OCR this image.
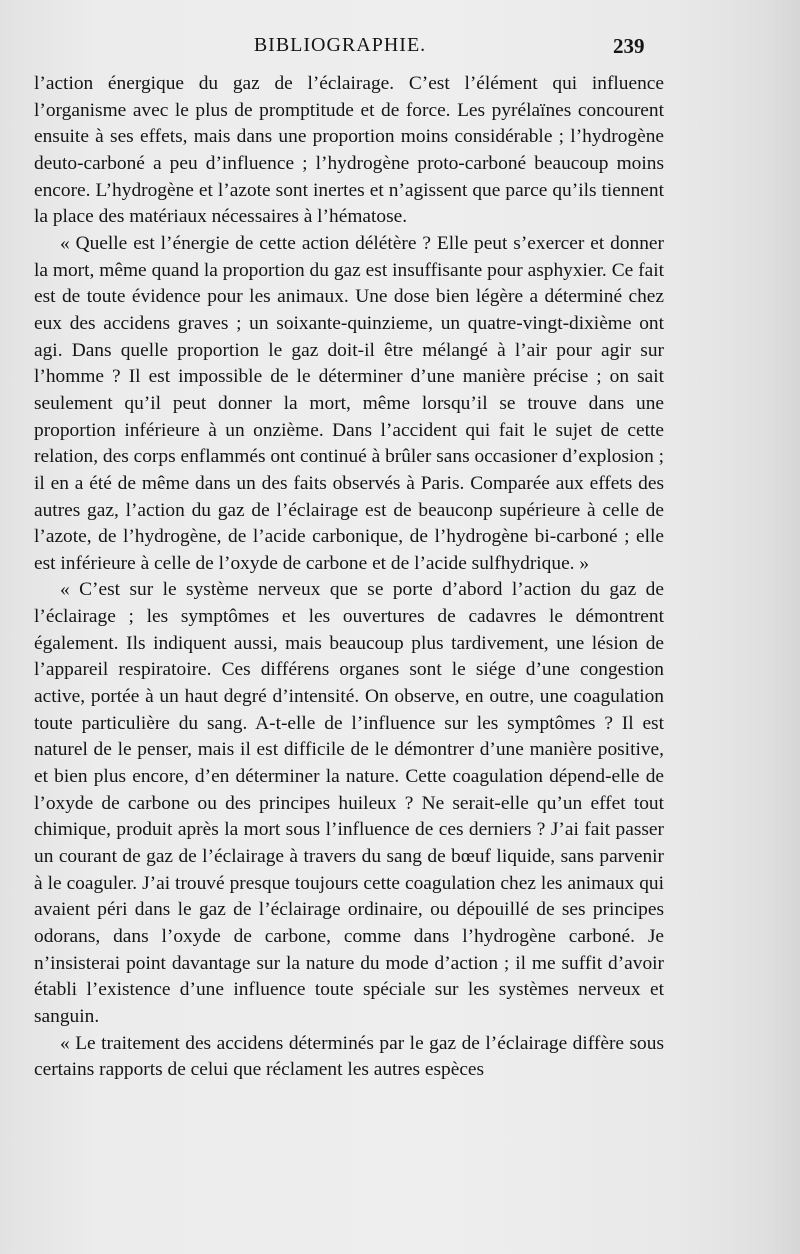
BIBLIOGRAPHIE.	239

l’action énergique du gaz de l’éclairage. C’est l’élément qui influence l’organisme avec le plus de promptitude et de force. Les pyrélaïnes concourent ensuite à ses effets, mais dans une proportion moins considérable ; l’hydrogène deuto-carboné a peu d’influence ; l’hydrogène proto-carboné beaucoup moins encore. L’hydrogène et l’azote sont inertes et n’agissent que parce qu’ils tiennent la place des matériaux nécessaires à l’hématose.

« Quelle est l’énergie de cette action délétère ? Elle peut s’exercer et donner la mort, même quand la proportion du gaz est insuffisante pour asphyxier. Ce fait est de toute évidence pour les animaux. Une dose bien légère a déterminé chez eux des accidens graves ; un soixante-quinzieme, un quatre-vingt-dixième ont agi. Dans quelle proportion le gaz doit-il être mélangé à l’air pour agir sur l’homme ? Il est impossible de le déterminer d’une manière précise ; on sait seulement qu’il peut donner la mort, même lorsqu’il se trouve dans une proportion inférieure à un onzième. Dans l’accident qui fait le sujet de cette relation, des corps enflammés ont continué à brûler sans occasioner d’explosion ; il en a été de même dans un des faits observés à Paris. Comparée aux effets des autres gaz, l’action du gaz de l’éclairage est de beauconp supérieure à celle de l’azote, de l’hydrogène, de l’acide carbonique, de l’hydrogène bi-carboné ; elle est inférieure à celle de l’oxyde de carbone et de l’acide sulfhydrique. »

« C’est sur le système nerveux que se porte d’abord l’action du gaz de l’éclairage ; les symptômes et les ouvertures de cadavres le démontrent également. Ils indiquent aussi, mais beaucoup plus tardivement, une lésion de l’appareil respiratoire. Ces différens organes sont le siége d’une congestion active, portée à un haut degré d’intensité. On observe, en outre, une coagulation toute particulière du sang. A-t-elle de l’influence sur les symptômes ? Il est naturel de le penser, mais il est difficile de le démontrer d’une manière positive, et bien plus encore, d’en déterminer la nature. Cette coagulation dépend-elle de l’oxyde de carbone ou des principes huileux ? Ne serait-elle qu’un effet tout chimique, produit après la mort sous l’influence de ces derniers ? J’ai fait passer un courant de gaz de l’éclairage à travers du sang de bœuf liquide, sans parvenir à le coaguler. J’ai trouvé presque toujours cette coagulation chez les animaux qui avaient péri dans le gaz de l’éclairage ordinaire, ou dépouillé de ses principes odorans, dans l’oxyde de carbone, comme dans l’hydrogène carboné. Je n’insisterai point davantage sur la nature du mode d’action ; il me suffit d’avoir établi l’existence d’une influence toute spéciale sur les systèmes nerveux et sanguin.

« Le traitement des accidens déterminés par le gaz de l’éclairage diffère sous certains rapports de celui que réclament les autres espèces
